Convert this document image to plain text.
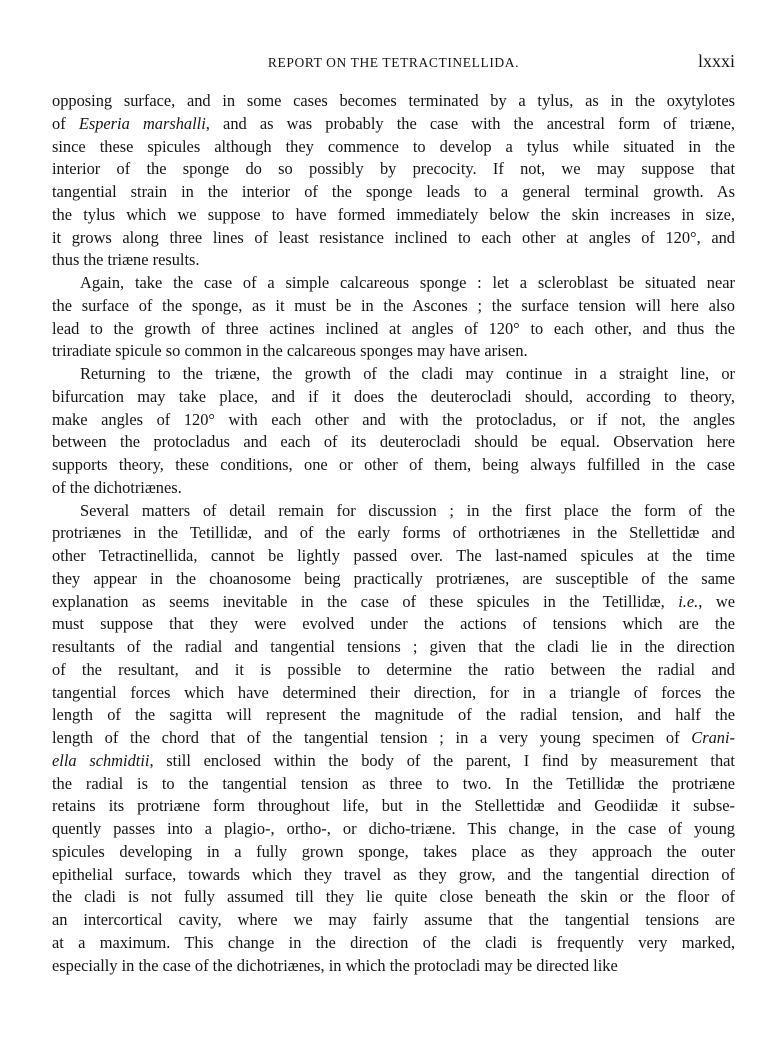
REPORT ON THE TETRACTINELLIDA.	lxxxi
opposing surface, and in some cases becomes terminated by a tylus, as in the oxytylotes
of Esperia marshalli, and as was probably the case with the ancestral form of triæne,
since these spicules although they commence to develop a tylus while situated in the
interior of the sponge do so possibly by precocity. If not, we may suppose that
tangential strain in the interior of the sponge leads to a general terminal growth. As
the tylus which we suppose to have formed immediately below the skin increases in size,
it grows along three lines of least resistance inclined to each other at angles of 120°, and
thus the triæne results.
Again, take the case of a simple calcareous sponge : let a scleroblast be situated near
the surface of the sponge, as it must be in the Ascones ; the surface tension will here also
lead to the growth of three actines inclined at angles of 120° to each other, and thus the
triradiate spicule so common in the calcareous sponges may have arisen.
Returning to the triæne, the growth of the cladi may continue in a straight line, or
bifurcation may take place, and if it does the deuterocladi should, according to theory,
make angles of 120° with each other and with the protocladus, or if not, the angles
between the protocladus and each of its deuterocladi should be equal. Observation here
supports theory, these conditions, one or other of them, being always fulfilled in the case
of the dichotriænes.
Several matters of detail remain for discussion ; in the first place the form of the
protriænes in the Tetillidæ, and of the early forms of orthotriænes in the Stellettidæ and
other Tetractinellida, cannot be lightly passed over. The last-named spicules at the time
they appear in the choanosome being practically protriænes, are susceptible of the same
explanation as seems inevitable in the case of these spicules in the Tetillidæ, i.e., we
must suppose that they were evolved under the actions of tensions which are the
resultants of the radial and tangential tensions ; given that the cladi lie in the direction
of the resultant, and it is possible to determine the ratio between the radial and
tangential forces which have determined their direction, for in a triangle of forces the
length of the sagitta will represent the magnitude of the radial tension, and half the
length of the chord that of the tangential tension ; in a very young specimen of Crani-
ella schmidtii, still enclosed within the body of the parent, I find by measurement that
the radial is to the tangential tension as three to two. In the Tetillidæ the protriæne
retains its protriæne form throughout life, but in the Stellettidæ and Geodiidæ it subse-
quently passes into a plagio-, ortho-, or dicho-triæne. This change, in the case of young
spicules developing in a fully grown sponge, takes place as they approach the outer
epithelial surface, towards which they travel as they grow, and the tangential direction of
the cladi is not fully assumed till they lie quite close beneath the skin or the floor of
an intercortical cavity, where we may fairly assume that the tangential tensions are
at a maximum. This change in the direction of the cladi is frequently very marked,
especially in the case of the dichotriænes, in which the protocladi may be directed like
